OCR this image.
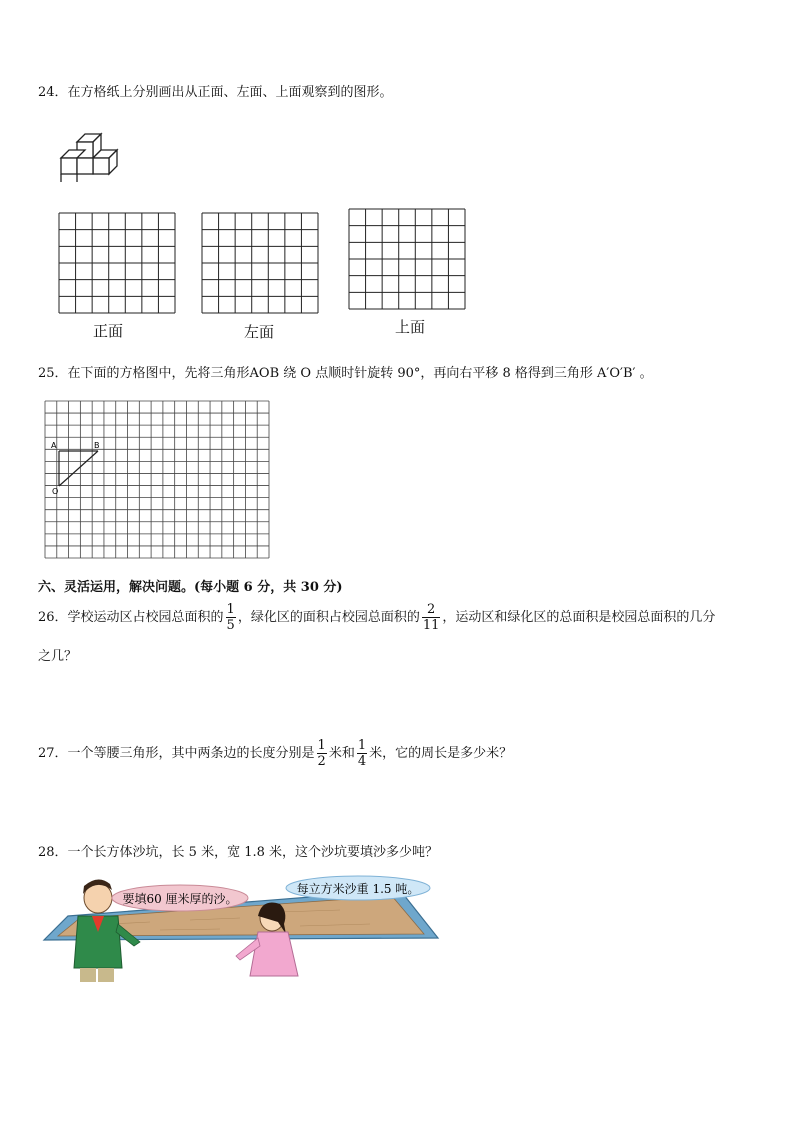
24．在方格纸上分别画出从正面、左面、上面观察到的图形。
正面	左面	上面
25．在下面的方格图中，先将三角形AOB 绕 O 点顺时针旋转 90°，再向右平移 8 格得到三角形 A′O′B′ 。
A	B
O
六、灵活运用，解决问题。(每小题 6 分，共 30 分)
26．学校运动区占校园总面积的 $\frac{1}{5}$ ，绿化区的面积占校园总面积的 $\frac{2}{11}$ ，运动区和绿化区的总面积是校园总面积的几分
之几？
27．一个等腰三角形，其中两条边的长度分别是 $\frac{1}{2}$ 米和 $\frac{1}{4}$ 米，它的周长是多少米？
28．一个长方体沙坑，长 5 米，宽 1.8 米，这个沙坑要填沙多少吨？
要填60 厘米厚的沙。
每立方米沙重 1.5 吨。
